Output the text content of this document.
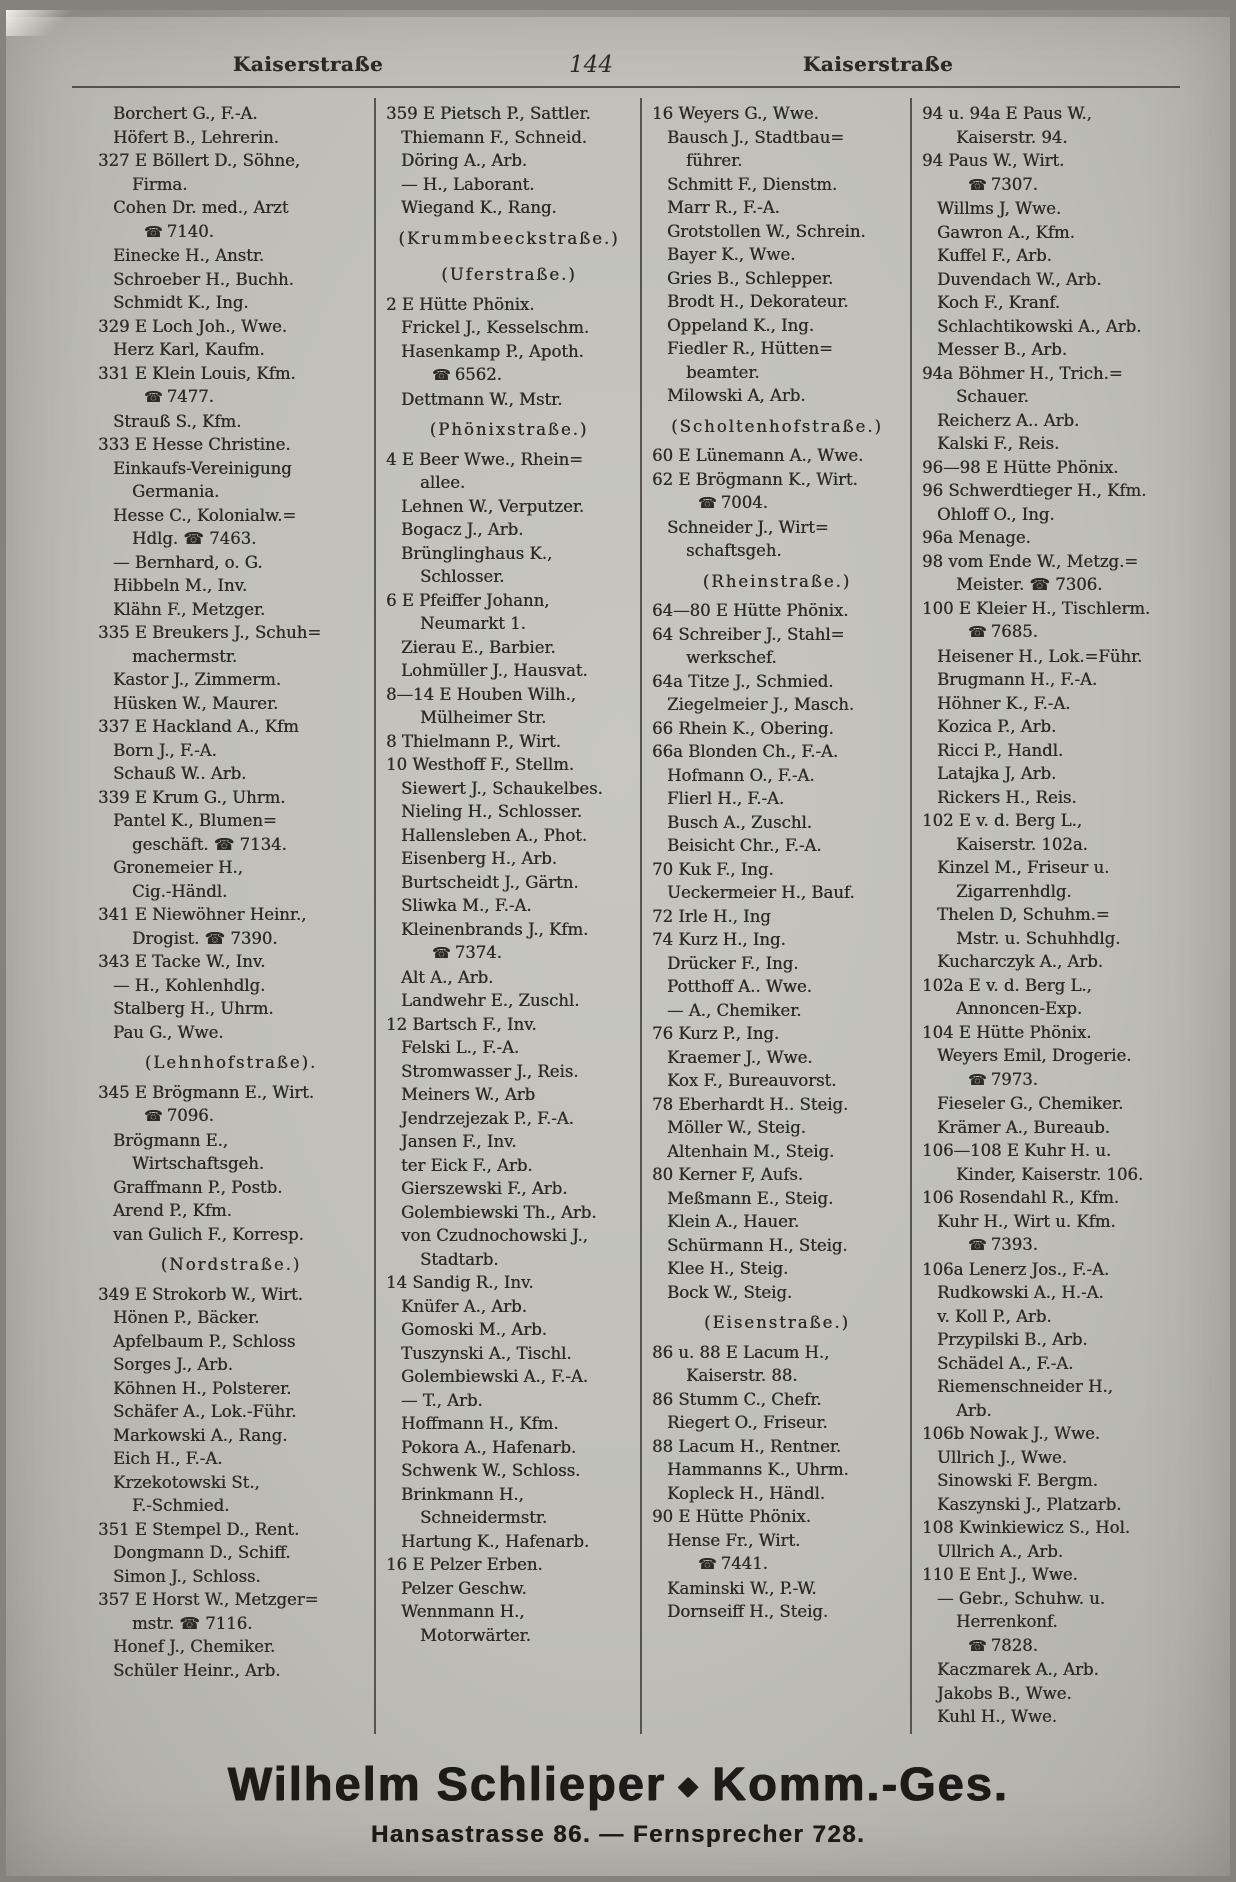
Kaiserstraße	144	Kaiserstraße
Borchert G., F.-A.
Höfert B., Lehrerin.
327 E Böllert D., Söhne,
Firma.
Cohen Dr. med., Arzt
☎ 7140.
Einecke H., Anstr.
Schroeber H., Buchh.
Schmidt K., Ing.
329 E Loch Joh., Wwe.
Herz Karl, Kaufm.
331 E Klein Louis, Kfm.
☎ 7477.
Strauß S., Kfm.
333 E Hesse Christine.
Einkaufs-Vereinigung
Germania.
Hesse C., Kolonialw.=
Hdlg. ☎ 7463.
— Bernhard, o. G.
Hibbeln M., Inv.
Klähn F., Metzger.
335 E Breukers J., Schuh=
machermstr.
Kastor J., Zimmerm.
Hüsken W., Maurer.
337 E Hackland A., Kfm
Born J., F.-A.
Schauß W.. Arb.
339 E Krum G., Uhrm.
Pantel K., Blumen=
geschäft. ☎ 7134.
Gronemeier H.,
Cig.-Händl.
341 E Niewöhner Heinr.,
Drogist. ☎ 7390.
343 E Tacke W., Inv.
— H., Kohlenhdlg.
Stalberg H., Uhrm.
Pau G., Wwe.
(Lehnhofstraße).
345 E Brögmann E., Wirt.
☎ 7096.
Brögmann E.,
Wirtschaftsgeh.
Graffmann P., Postb.
Arend P., Kfm.
van Gulich F., Korresp.
(Nordstraße.)
349 E Strokorb W., Wirt.
Hönen P., Bäcker.
Apfelbaum P., Schloss
Sorges J., Arb.
Köhnen H., Polsterer.
Schäfer A., Lok.-Führ.
Markowski A., Rang.
Eich H., F.-A.
Krzekotowski St.,
F.-Schmied.
351 E Stempel D., Rent.
Dongmann D., Schiff.
Simon J., Schloss.
357 E Horst W., Metzger=
mstr. ☎ 7116.
Honef J., Chemiker.
Schüler Heinr., Arb.
359 E Pietsch P., Sattler.
Thiemann F., Schneid.
Döring A., Arb.
— H., Laborant.
Wiegand K., Rang.
(Krummbeeckstraße.)
(Uferstraße.)
2 E Hütte Phönix.
Frickel J., Kesselschm.
Hasenkamp P., Apoth.
☎ 6562.
Dettmann W., Mstr.
(Phönixstraße.)
4 E Beer Wwe., Rhein=
allee.
Lehnen W., Verputzer.
Bogacz J., Arb.
Brünglinghaus K.,
Schlosser.
6 E Pfeiffer Johann,
Neumarkt 1.
Zierau E., Barbier.
Lohmüller J., Hausvat.
8—14 E Houben Wilh.,
Mülheimer Str.
8 Thielmann P., Wirt.
10 Westhoff F., Stellm.
Siewert J., Schaukelbes.
Nieling H., Schlosser.
Hallensleben A., Phot.
Eisenberg H., Arb.
Burtscheidt J., Gärtn.
Sliwka M., F.-A.
Kleinenbrands J., Kfm.
☎ 7374.
Alt A., Arb.
Landwehr E., Zuschl.
12 Bartsch F., Inv.
Felski L., F.-A.
Stromwasser J., Reis.
Meiners W., Arb
Jendrzejezak P., F.-A.
Jansen F., Inv.
ter Eick F., Arb.
Gierszewski F., Arb.
Golembiewski Th., Arb.
von Czudnochowski J.,
Stadtarb.
14 Sandig R., Inv.
Knüfer A., Arb.
Gomoski M., Arb.
Tuszynski A., Tischl.
Golembiewski A., F.-A.
— T., Arb.
Hoffmann H., Kfm.
Pokora A., Hafenarb.
Schwenk W., Schloss.
Brinkmann H.,
Schneidermstr.
Hartung K., Hafenarb.
16 E Pelzer Erben.
Pelzer Geschw.
Wennmann H.,
Motorwärter.
16 Weyers G., Wwe.
Bausch J., Stadtbau=
führer.
Schmitt F., Dienstm.
Marr R., F.-A.
Grotstollen W., Schrein.
Bayer K., Wwe.
Gries B., Schlepper.
Brodt H., Dekorateur.
Oppeland K., Ing.
Fiedler R., Hütten=
beamter.
Milowski A, Arb.
(Scholtenhofstraße.)
60 E Lünemann A., Wwe.
62 E Brögmann K., Wirt.
☎ 7004.
Schneider J., Wirt=
schaftsgeh.
(Rheinstraße.)
64—80 E Hütte Phönix.
64 Schreiber J., Stahl=
werkschef.
64a Titze J., Schmied.
Ziegelmeier J., Masch.
66 Rhein K., Obering.
66a Blonden Ch., F.-A.
Hofmann O., F.-A.
Flierl H., F.-A.
Busch A., Zuschl.
Beisicht Chr., F.-A.
70 Kuk F., Ing.
Ueckermeier H., Bauf.
72 Irle H., Ing
74 Kurz H., Ing.
Drücker F., Ing.
Potthoff A.. Wwe.
— A., Chemiker.
76 Kurz P., Ing.
Kraemer J., Wwe.
Kox F., Bureauvorst.
78 Eberhardt H.. Steig.
Möller W., Steig.
Altenhain M., Steig.
80 Kerner F, Aufs.
Meßmann E., Steig.
Klein A., Hauer.
Schürmann H., Steig.
Klee H., Steig.
Bock W., Steig.
(Eisenstraße.)
86 u. 88 E Lacum H.,
Kaiserstr. 88.
86 Stumm C., Chefr.
Riegert O., Friseur.
88 Lacum H., Rentner.
Hammanns K., Uhrm.
Kopleck H., Händl.
90 E Hütte Phönix.
Hense Fr., Wirt.
☎ 7441.
Kaminski W., P.-W.
Dornseiff H., Steig.
94 u. 94a E Paus W.,
Kaiserstr. 94.
94 Paus W., Wirt.
☎ 7307.
Willms J, Wwe.
Gawron A., Kfm.
Kuffel F., Arb.
Duvendach W., Arb.
Koch F., Kranf.
Schlachtikowski A., Arb.
Messer B., Arb.
94a Böhmer H., Trich.=
Schauer.
Reicherz A.. Arb.
Kalski F., Reis.
96—98 E Hütte Phönix.
96 Schwerdtieger H., Kfm.
Ohloff O., Ing.
96a Menage.
98 vom Ende W., Metzg.=
Meister. ☎ 7306.
100 E Kleier H., Tischlerm.
☎ 7685.
Heisener H., Lok.=Führ.
Brugmann H., F.-A.
Höhner K., F.-A.
Kozica P., Arb.
Ricci P., Handl.
Latajka J, Arb.
Rickers H., Reis.
102 E v. d. Berg L.,
Kaiserstr. 102a.
Kinzel M., Friseur u.
Zigarrenhdlg.
Thelen D, Schuhm.=
Mstr. u. Schuhhdlg.
Kucharczyk A., Arb.
102a E v. d. Berg L.,
Annoncen-Exp.
104 E Hütte Phönix.
Weyers Emil, Drogerie.
☎ 7973.
Fieseler G., Chemiker.
Krämer A., Bureaub.
106—108 E Kuhr H. u.
Kinder, Kaiserstr. 106.
106 Rosendahl R., Kfm.
Kuhr H., Wirt u. Kfm.
☎ 7393.
106a Lenerz Jos., F.-A.
Rudkowski A., H.-A.
v. Koll P., Arb.
Przypilski B., Arb.
Schädel A., F.-A.
Riemenschneider H.,
Arb.
106b Nowak J., Wwe.
Ullrich J., Wwe.
Sinowski F. Bergm.
Kaszynski J., Platzarb.
108 Kwinkiewicz S., Hol.
Ullrich A., Arb.
110 E Ent J., Wwe.
— Gebr., Schuhw. u.
Herrenkonf.
☎ 7828.
Kaczmarek A., Arb.
Jakobs B., Wwe.
Kuhl H., Wwe.
Wilhelm Schlieper ◆ Komm.-Ges.
Hansastrasse 86. — Fernsprecher 728.
